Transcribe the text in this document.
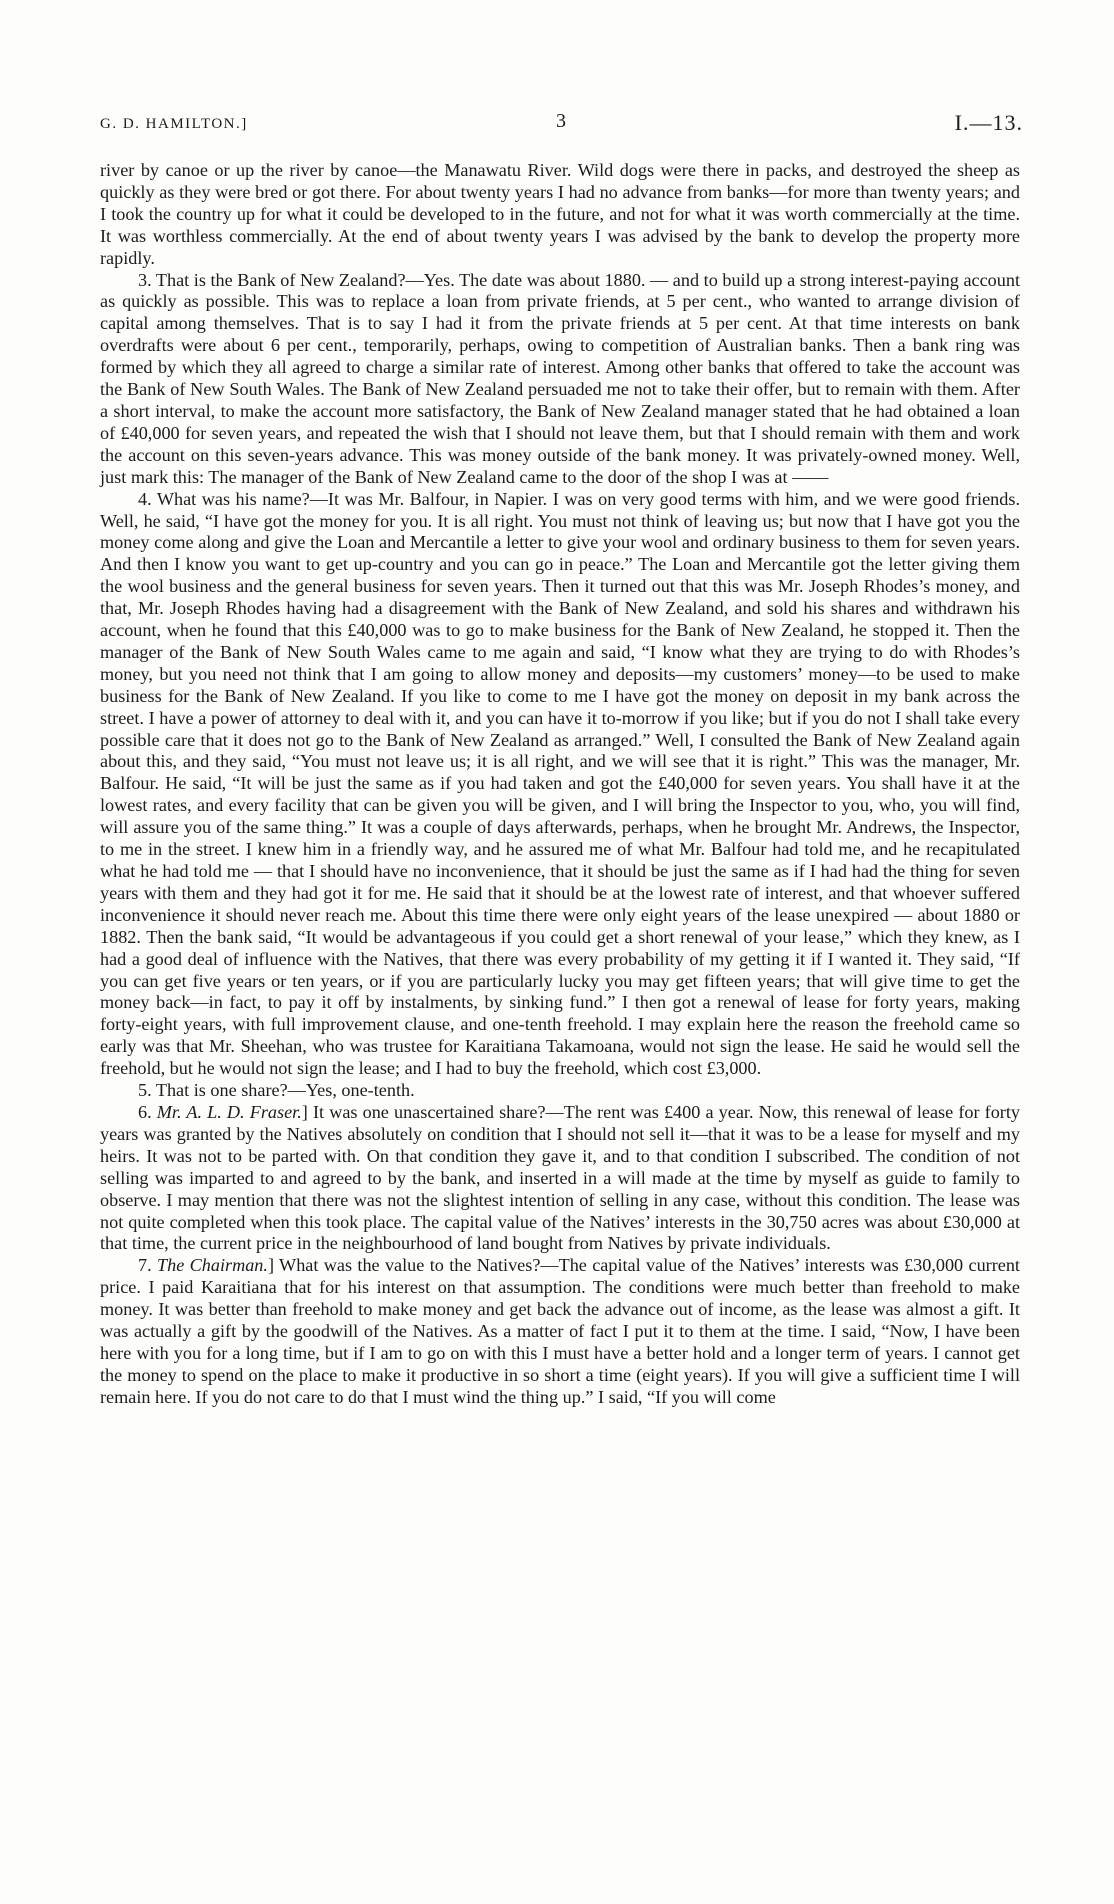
G. D. HAMILTON.]	3	I.—13.

river by canoe or up the river by canoe—the Manawatu River. Wild dogs were there in packs, and destroyed the sheep as quickly as they were bred or got there. For about twenty years I had no advance from banks—for more than twenty years; and I took the country up for what it could be developed to in the future, and not for what it was worth commercially at the time. It was worthless commercially. At the end of about twenty years I was advised by the bank to develop the property more rapidly.

3. That is the Bank of New Zealand?—Yes. The date was about 1880. — and to build up a strong interest-paying account as quickly as possible. This was to replace a loan from private friends, at 5 per cent., who wanted to arrange division of capital among themselves. That is to say I had it from the private friends at 5 per cent. At that time interests on bank overdrafts were about 6 per cent., temporarily, perhaps, owing to competition of Australian banks. Then a bank ring was formed by which they all agreed to charge a similar rate of interest. Among other banks that offered to take the account was the Bank of New South Wales. The Bank of New Zealand persuaded me not to take their offer, but to remain with them. After a short interval, to make the account more satisfactory, the Bank of New Zealand manager stated that he had obtained a loan of £40,000 for seven years, and repeated the wish that I should not leave them, but that I should remain with them and work the account on this seven-years advance. This was money outside of the bank money. It was privately-owned money. Well, just mark this: The manager of the Bank of New Zealand came to the door of the shop I was at ——

4. What was his name?—It was Mr. Balfour, in Napier. I was on very good terms with him, and we were good friends. Well, he said, “I have got the money for you. It is all right. You must not think of leaving us; but now that I have got you the money come along and give the Loan and Mercantile a letter to give your wool and ordinary business to them for seven years. And then I know you want to get up-country and you can go in peace.” The Loan and Mercantile got the letter giving them the wool business and the general business for seven years. Then it turned out that this was Mr. Joseph Rhodes’s money, and that, Mr. Joseph Rhodes having had a disagreement with the Bank of New Zealand, and sold his shares and withdrawn his account, when he found that this £40,000 was to go to make business for the Bank of New Zealand, he stopped it. Then the manager of the Bank of New South Wales came to me again and said, “I know what they are trying to do with Rhodes’s money, but you need not think that I am going to allow money and deposits—my customers’ money—to be used to make business for the Bank of New Zealand. If you like to come to me I have got the money on deposit in my bank across the street. I have a power of attorney to deal with it, and you can have it to-morrow if you like; but if you do not I shall take every possible care that it does not go to the Bank of New Zealand as arranged.” Well, I consulted the Bank of New Zealand again about this, and they said, “You must not leave us; it is all right, and we will see that it is right.” This was the manager, Mr. Balfour. He said, “It will be just the same as if you had taken and got the £40,000 for seven years. You shall have it at the lowest rates, and every facility that can be given you will be given, and I will bring the Inspector to you, who, you will find, will assure you of the same thing.” It was a couple of days afterwards, perhaps, when he brought Mr. Andrews, the Inspector, to me in the street. I knew him in a friendly way, and he assured me of what Mr. Balfour had told me, and he recapitulated what he had told me — that I should have no inconvenience, that it should be just the same as if I had had the thing for seven years with them and they had got it for me. He said that it should be at the lowest rate of interest, and that whoever suffered inconvenience it should never reach me. About this time there were only eight years of the lease unexpired — about 1880 or 1882. Then the bank said, “It would be advantageous if you could get a short renewal of your lease,” which they knew, as I had a good deal of influence with the Natives, that there was every probability of my getting it if I wanted it. They said, “If you can get five years or ten years, or if you are particularly lucky you may get fifteen years; that will give time to get the money back—in fact, to pay it off by instalments, by sinking fund.” I then got a renewal of lease for forty years, making forty-eight years, with full improvement clause, and one-tenth freehold. I may explain here the reason the freehold came so early was that Mr. Sheehan, who was trustee for Karaitiana Takamoana, would not sign the lease. He said he would sell the freehold, but he would not sign the lease; and I had to buy the freehold, which cost £3,000.

5. That is one share?—Yes, one-tenth.

6. Mr. A. L. D. Fraser.] It was one unascertained share?—The rent was £400 a year. Now, this renewal of lease for forty years was granted by the Natives absolutely on condition that I should not sell it—that it was to be a lease for myself and my heirs. It was not to be parted with. On that condition they gave it, and to that condition I subscribed. The condition of not selling was imparted to and agreed to by the bank, and inserted in a will made at the time by myself as guide to family to observe. I may mention that there was not the slightest intention of selling in any case, without this condition. The lease was not quite completed when this took place. The capital value of the Natives’ interests in the 30,750 acres was about £30,000 at that time, the current price in the neighbourhood of land bought from Natives by private individuals.

7. The Chairman.] What was the value to the Natives?—The capital value of the Natives’ interests was £30,000 current price. I paid Karaitiana that for his interest on that assumption. The conditions were much better than freehold to make money. It was better than freehold to make money and get back the advance out of income, as the lease was almost a gift. It was actually a gift by the goodwill of the Natives. As a matter of fact I put it to them at the time. I said, “Now, I have been here with you for a long time, but if I am to go on with this I must have a better hold and a longer term of years. I cannot get the money to spend on the place to make it productive in so short a time (eight years). If you will give a sufficient time I will remain here. If you do not care to do that I must wind the thing up.” I said, “If you will come
